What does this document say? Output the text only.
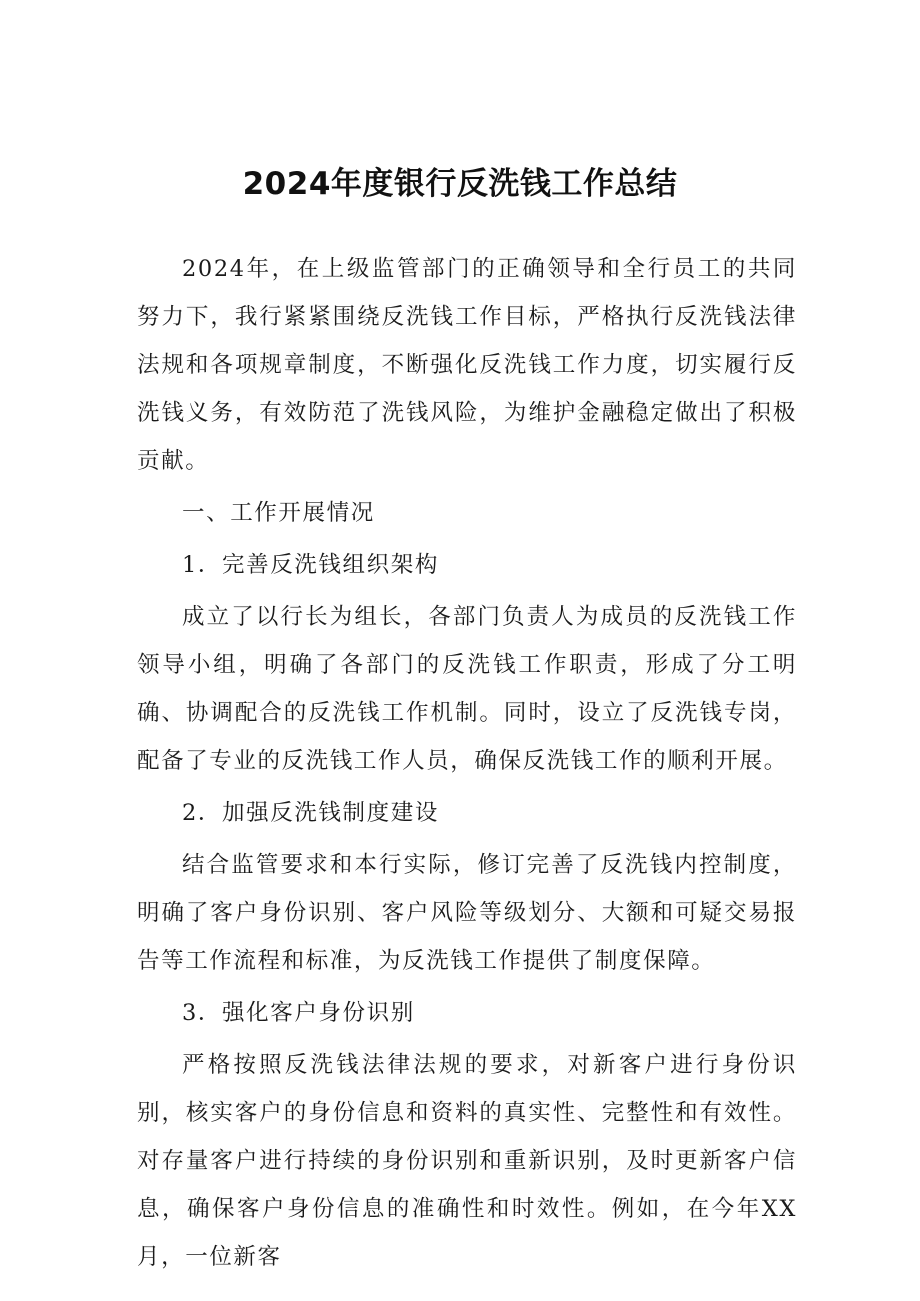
2024年度银行反洗钱工作总结

2024年，在上级监管部门的正确领导和全行员工的共同努力下，我行紧紧围绕反洗钱工作目标，严格执行反洗钱法律法规和各项规章制度，不断强化反洗钱工作力度，切实履行反洗钱义务，有效防范了洗钱风险，为维护金融稳定做出了积极贡献。

一、工作开展情况

1．完善反洗钱组织架构

成立了以行长为组长，各部门负责人为成员的反洗钱工作领导小组，明确了各部门的反洗钱工作职责，形成了分工明确、协调配合的反洗钱工作机制。同时，设立了反洗钱专岗，配备了专业的反洗钱工作人员，确保反洗钱工作的顺利开展。

2．加强反洗钱制度建设

结合监管要求和本行实际，修订完善了反洗钱内控制度，明确了客户身份识别、客户风险等级划分、大额和可疑交易报告等工作流程和标准，为反洗钱工作提供了制度保障。

3．强化客户身份识别

严格按照反洗钱法律法规的要求，对新客户进行身份识别，核实客户的身份信息和资料的真实性、完整性和有效性。对存量客户进行持续的身份识别和重新识别，及时更新客户信息，确保客户身份信息的准确性和时效性。例如，在今年XX月，一位新客
